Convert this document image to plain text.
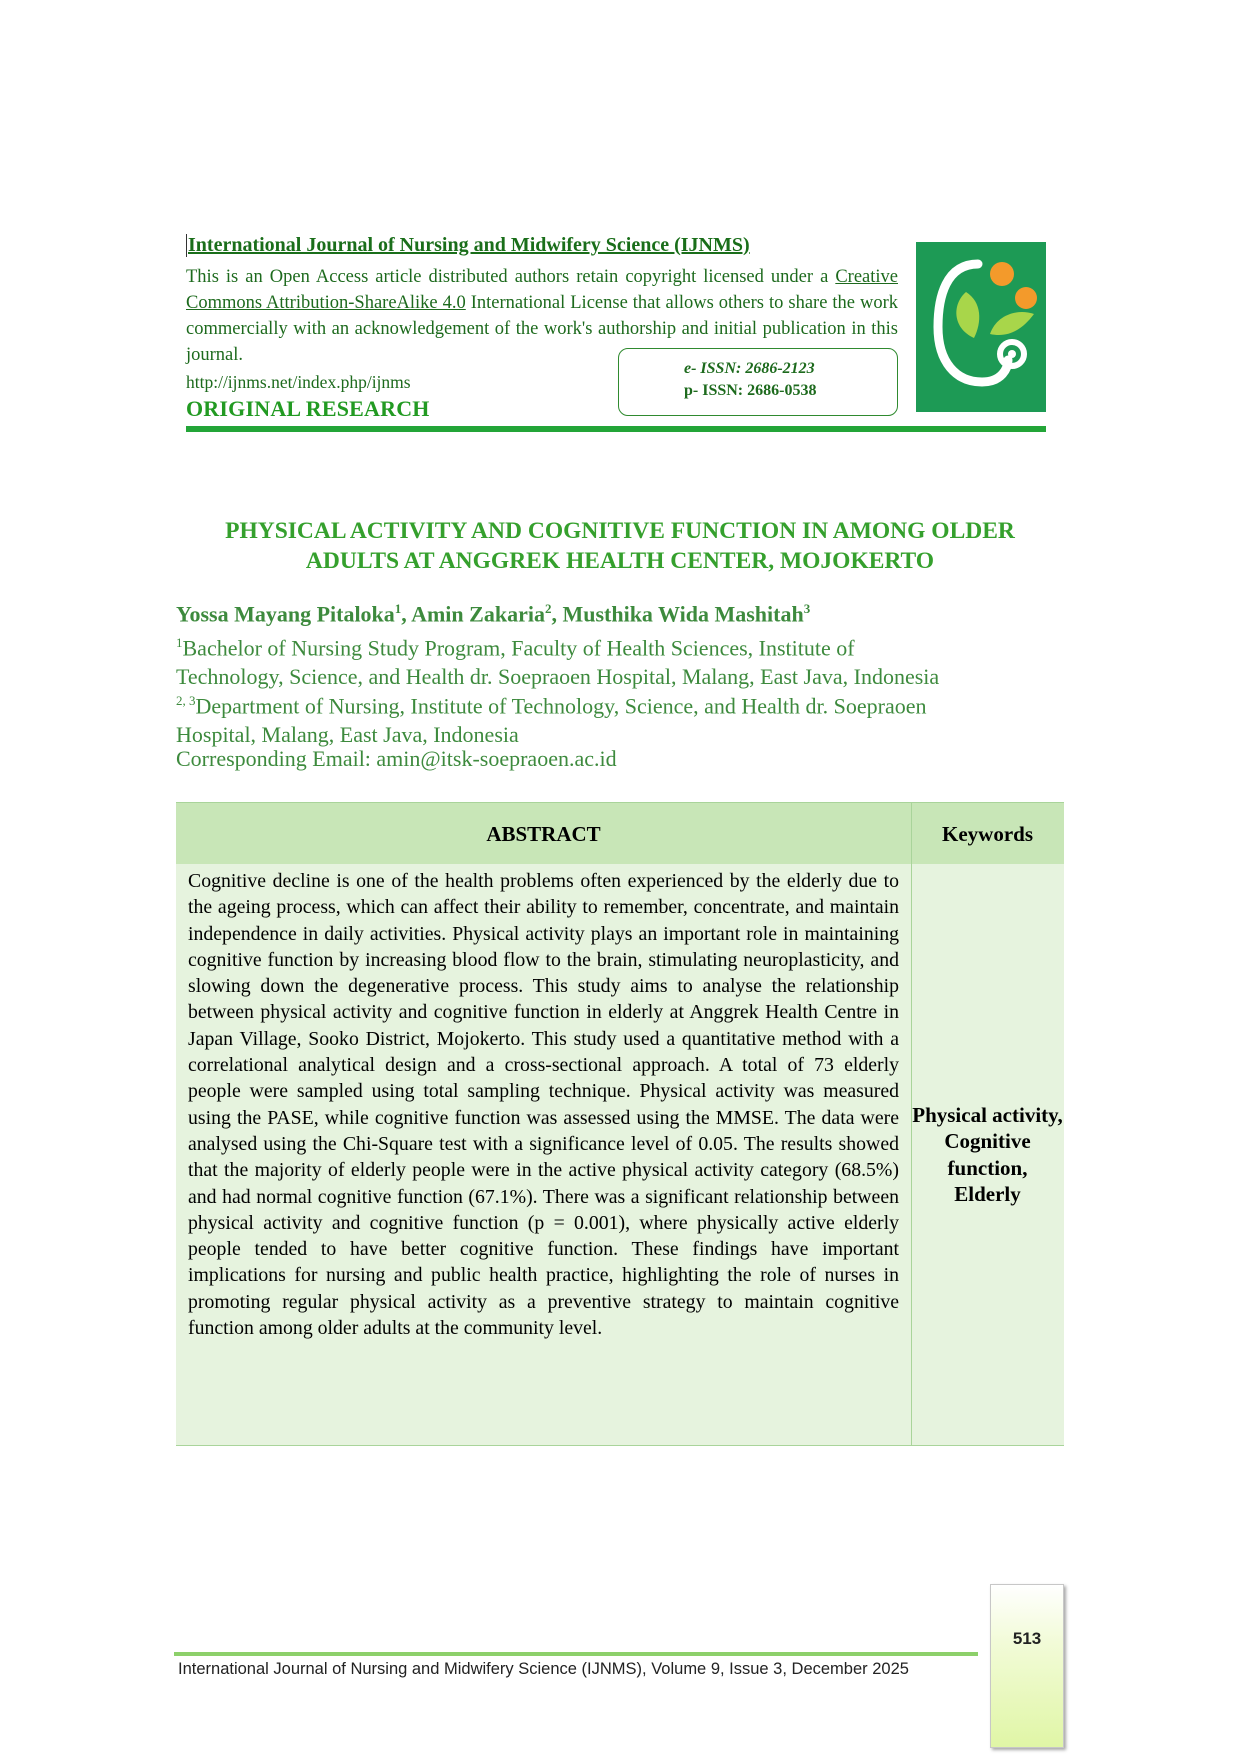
International Journal of Nursing and Midwifery Science (IJNMS)
This is an Open Access article distributed authors retain copyright licensed under a Creative Commons Attribution-ShareAlike 4.0 International License that allows others to share the work commercially with an acknowledgement of the work's authorship and initial publication in this journal.
http://ijnms.net/index.php/ijnms
ORIGINAL RESEARCH
e- ISSN: 2686-2123
p- ISSN: 2686-0538
PHYSICAL ACTIVITY AND COGNITIVE FUNCTION IN AMONG OLDER
ADULTS AT ANGGREK HEALTH CENTER, MOJOKERTO
Yossa Mayang Pitaloka$^1$, Amin Zakaria$^2$, Musthika Wida Mashitah$^3$
$^1$Bachelor of Nursing Study Program, Faculty of Health Sciences, Institute of
Technology, Science, and Health dr. Soepraoen Hospital, Malang, East Java, Indonesia
$^{2, 3}$Department of Nursing, Institute of Technology, Science, and Health dr. Soepraoen
Hospital, Malang, East Java, Indonesia
Corresponding Email: amin@itsk-soepraoen.ac.id
ABSTRACT	Keywords
Cognitive decline is one of the health problems often experienced by the elderly due to the ageing process, which can affect their ability to remember, concentrate, and maintain independence in daily activities. Physical activity plays an important role in maintaining cognitive function by increasing blood flow to the brain, stimulating neuroplasticity, and slowing down the degenerative process. This study aims to analyse the relationship between physical activity and cognitive function in elderly at Anggrek Health Centre in Japan Village, Sooko District, Mojokerto. This study used a quantitative method with a correlational analytical design and a cross-sectional approach. A total of 73 elderly people were sampled using total sampling technique. Physical activity was measured using the PASE, while cognitive function was assessed using the MMSE. The data were analysed using the Chi-Square test with a significance level of 0.05. The results showed that the majority of elderly people were in the active physical activity category (68.5%) and had normal cognitive function (67.1%). There was a significant relationship between physical activity and cognitive function (p = 0.001), where physically active elderly people tended to have better cognitive function. These findings have important implications for nursing and public health practice, highlighting the role of nurses in promoting regular physical activity as a preventive strategy to maintain cognitive function among older adults at the community level.
Physical activity,
Cognitive function,
Elderly
International Journal of Nursing and Midwifery Science (IJNMS), Volume 9, Issue 3, December 2025
513
